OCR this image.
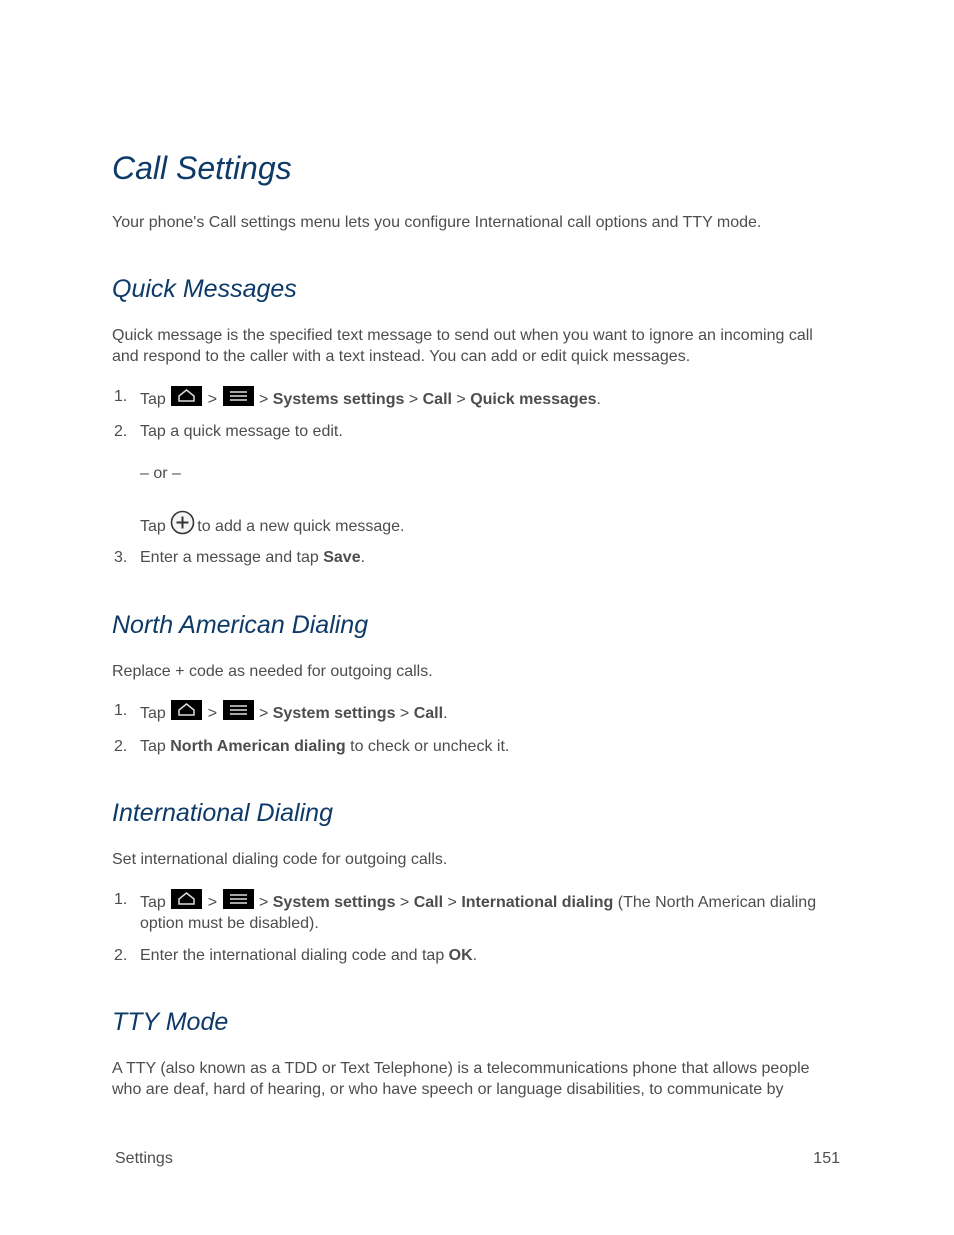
Call Settings

Your phone's Call settings menu lets you configure International call options and TTY mode.

Quick Messages

Quick message is the specified text message to send out when you want to ignore an incoming call and respond to the caller with a text instead. You can add or edit quick messages.

1. Tap	>	> Systems settings > Call > Quick messages.
2. Tap a quick message to edit.
– or –
Tap to add a new quick message.
3. Enter a message and tap Save.
North American Dialing

Replace + code as needed for outgoing calls.

1. Tap	>	> System settings > Call.
2. Tap North American dialing to check or uncheck it.
International Dialing

Set international dialing code for outgoing calls.

1. Tap	>	> System settings > Call > International dialing (The North American dialing option must be disabled).
2. Enter the international dialing code and tap OK.
TTY Mode

A TTY (also known as a TDD or Text Telephone) is a telecommunications phone that allows people who are deaf, hard of hearing, or who have speech or language disabilities, to communicate by

Settings	151
